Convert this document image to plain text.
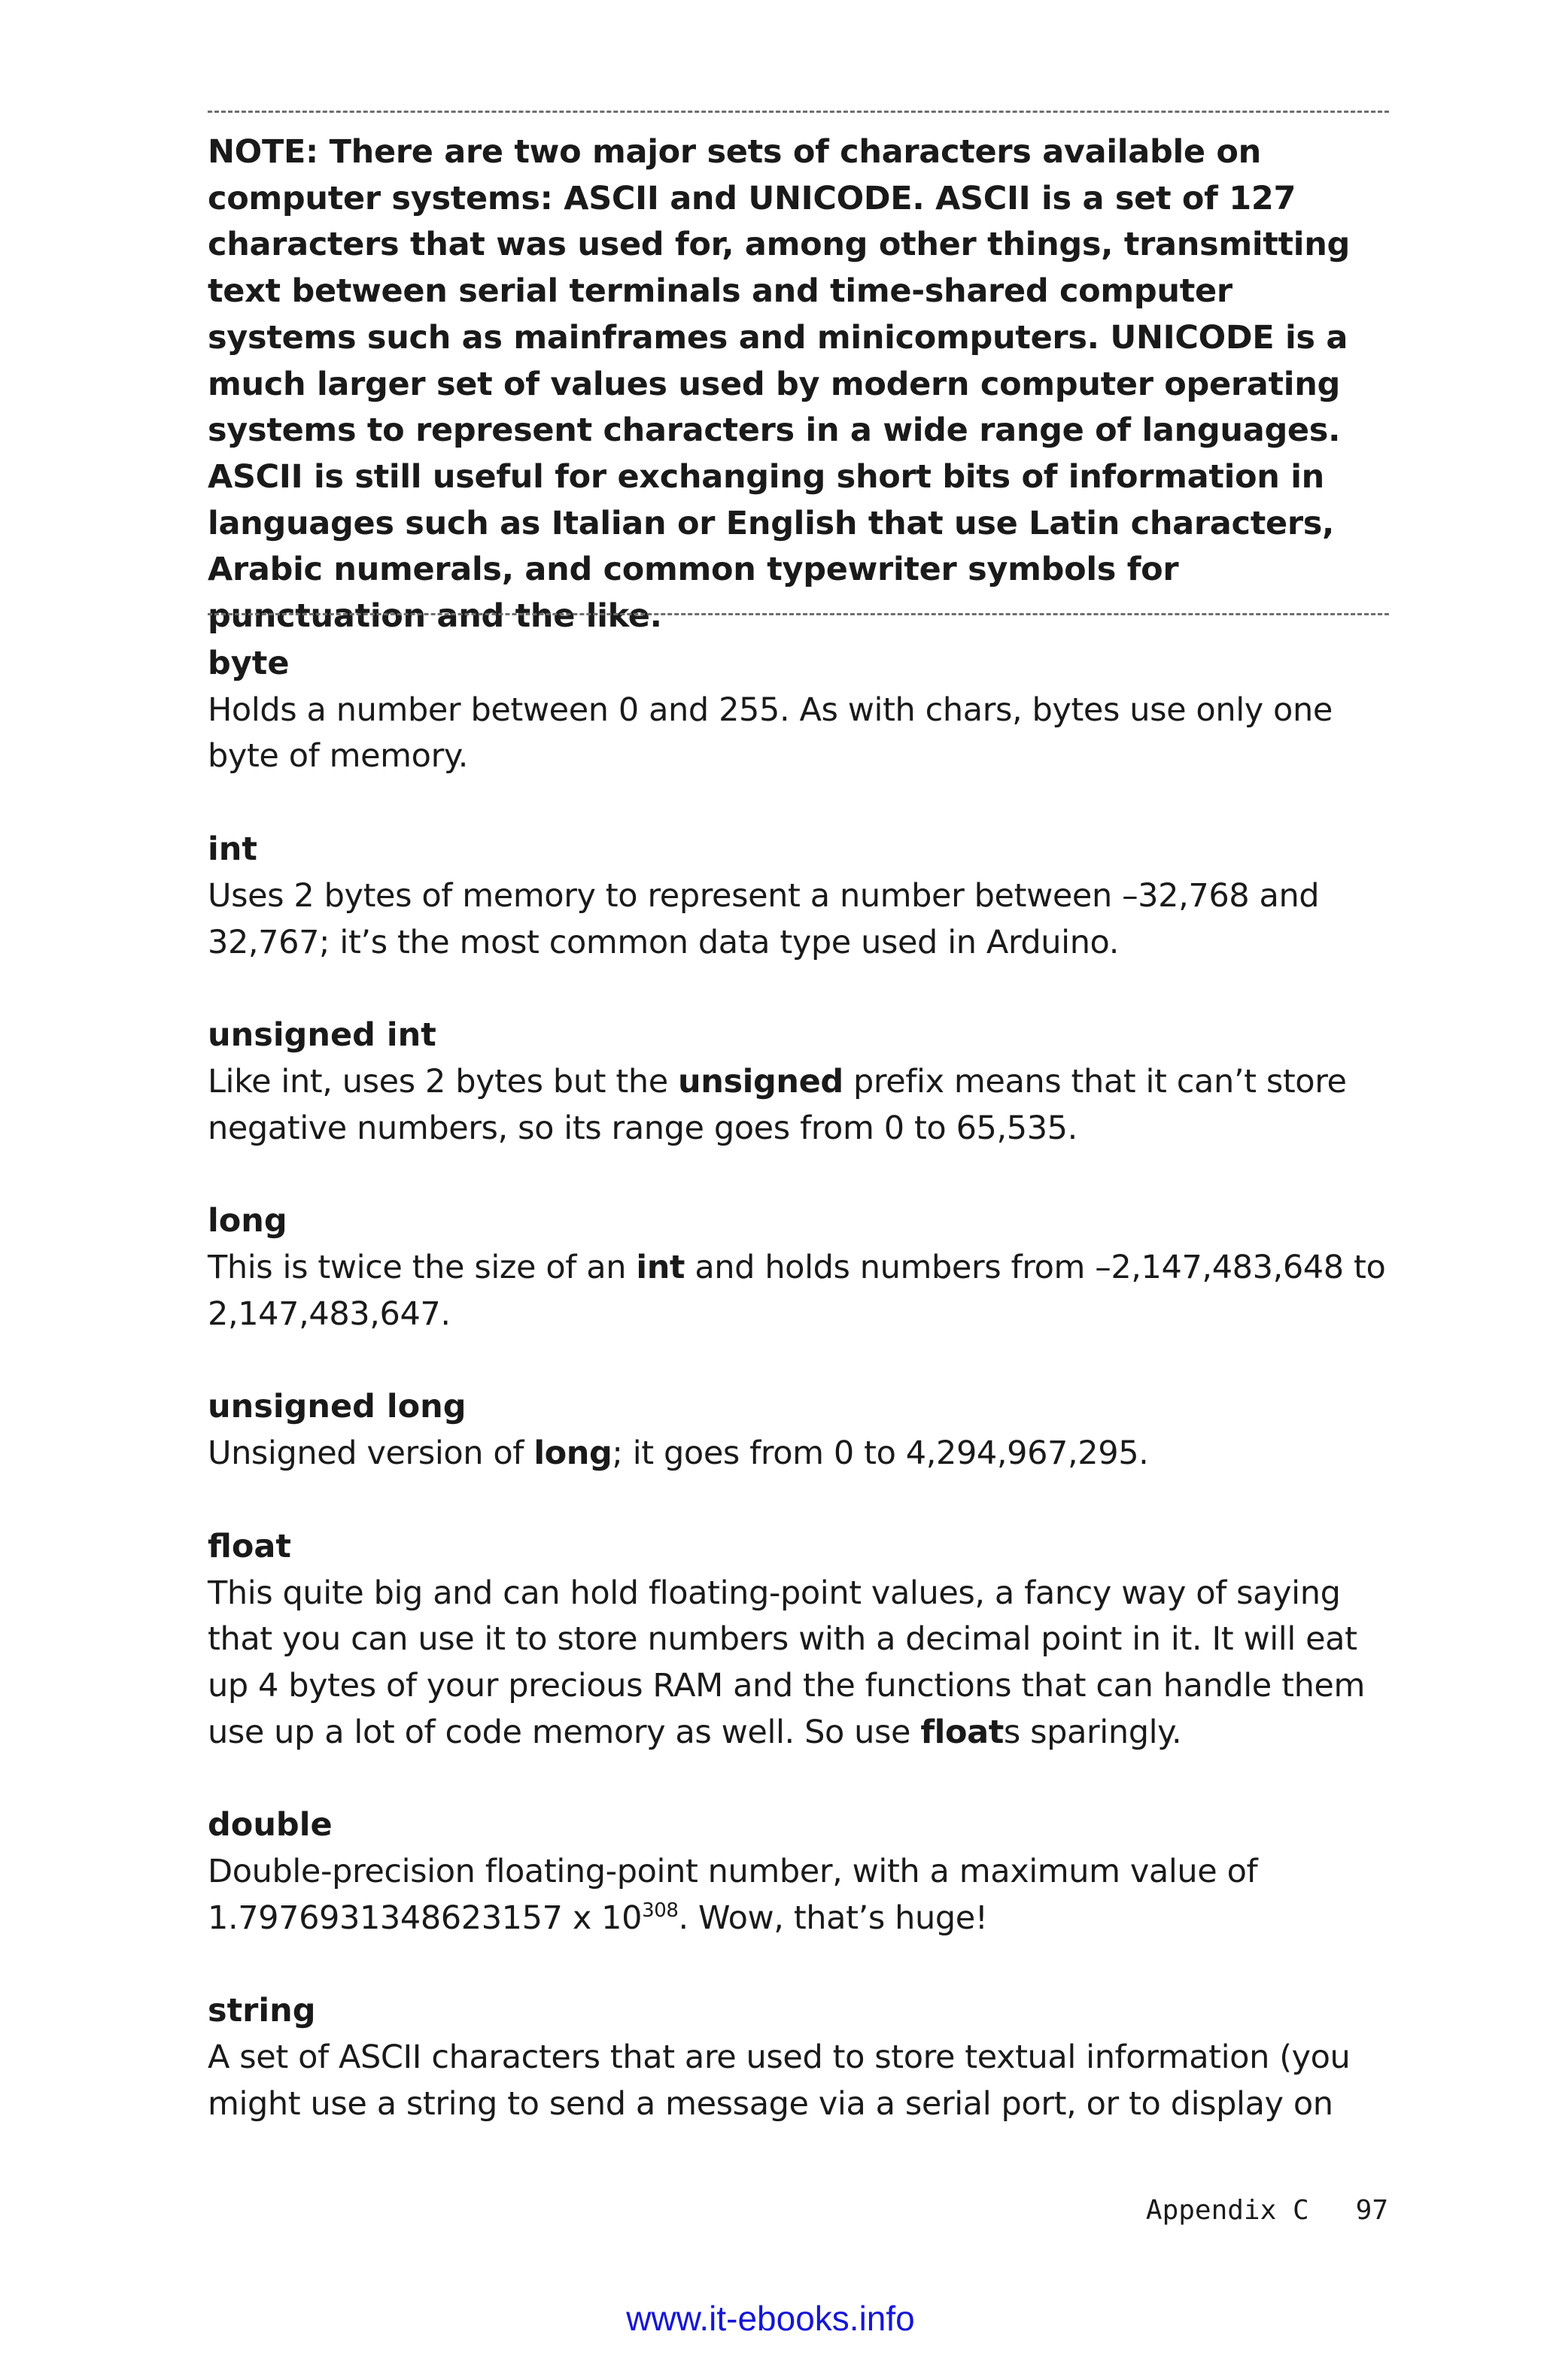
NOTE: There are two major sets of characters available on computer systems: ASCII and UNICODE. ASCII is a set of 127 characters that was used for, among other things, transmitting text between serial terminals and time-shared computer systems such as mainframes and minicomputers. UNICODE is a much larger set of values used by modern computer operating systems to represent characters in a wide range of languages. ASCII is still useful for exchanging short bits of information in languages such as Italian or English that use Latin characters, Arabic numerals, and common typewriter symbols for punctuation and the like.

byte

Holds a number between 0 and 255. As with chars, bytes use only one byte of memory.

int

Uses 2 bytes of memory to represent a number between –32,768 and 32,767; it’s the most common data type used in Arduino.

unsigned int

Like int, uses 2 bytes but the unsigned prefix means that it can’t store negative numbers, so its range goes from 0 to 65,535.

long

This is twice the size of an int and holds numbers from –2,147,483,648 to 2,147,483,647.

unsigned long

Unsigned version of long; it goes from 0 to 4,294,967,295.

float

This quite big and can hold floating-point values, a fancy way of saying that you can use it to store numbers with a decimal point in it. It will eat up 4 bytes of your precious RAM and the functions that can handle them use up a lot of code memory as well. So use floats sparingly.

double

Double-precision floating-point number, with a maximum value of 1.7976931348623157 x $10^{308}$. Wow, that’s huge!

string

A set of ASCII characters that are used to store textual information (you might use a string to send a message via a serial port, or to display on

Appendix C 97
www.it-ebooks.info
